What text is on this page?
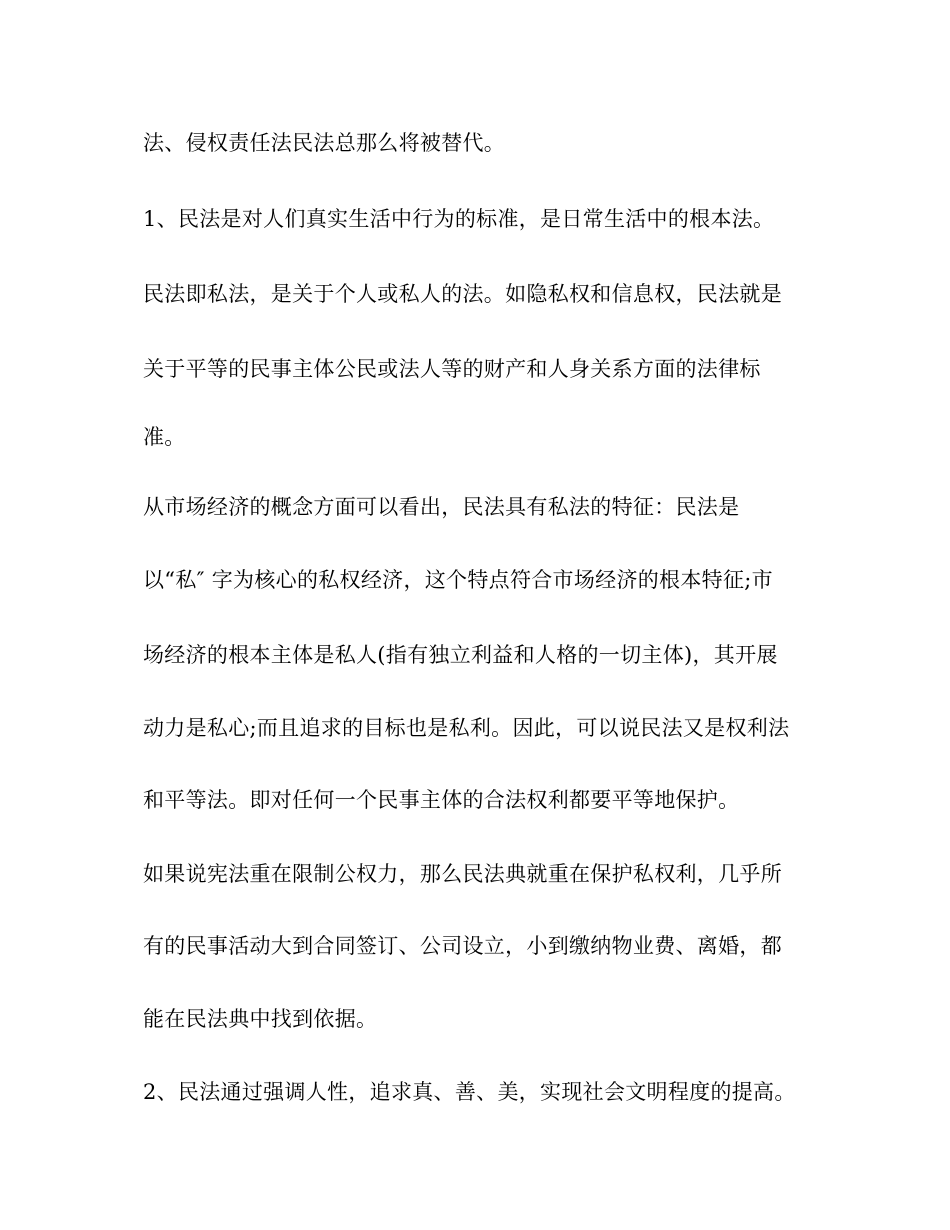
法、侵权责任法民法总那么将被替代。

1、民法是对人们真实生活中行为的标准，是日常生活中的根本法。

民法即私法，是关于个人或私人的法。如隐私权和信息权，民法就是

关于平等的民事主体公民或法人等的财产和人身关系方面的法律标

准。

从市场经济的概念方面可以看出，民法具有私法的特征：民法是

以“私″ 字为核心的私权经济，这个特点符合市场经济的根本特征;市

场经济的根本主体是私人(指有独立利益和人格的一切主体)，其开展

动力是私心;而且追求的目标也是私利。因此，可以说民法又是权利法

和平等法。即对任何一个民事主体的合法权利都要平等地保护。

如果说宪法重在限制公权力，那么民法典就重在保护私权利，几乎所

有的民事活动大到合同签订、公司设立，小到缴纳物业费、离婚，都

能在民法典中找到依据。

2、民法通过强调人性，追求真、善、美，实现社会文明程度的提高。
